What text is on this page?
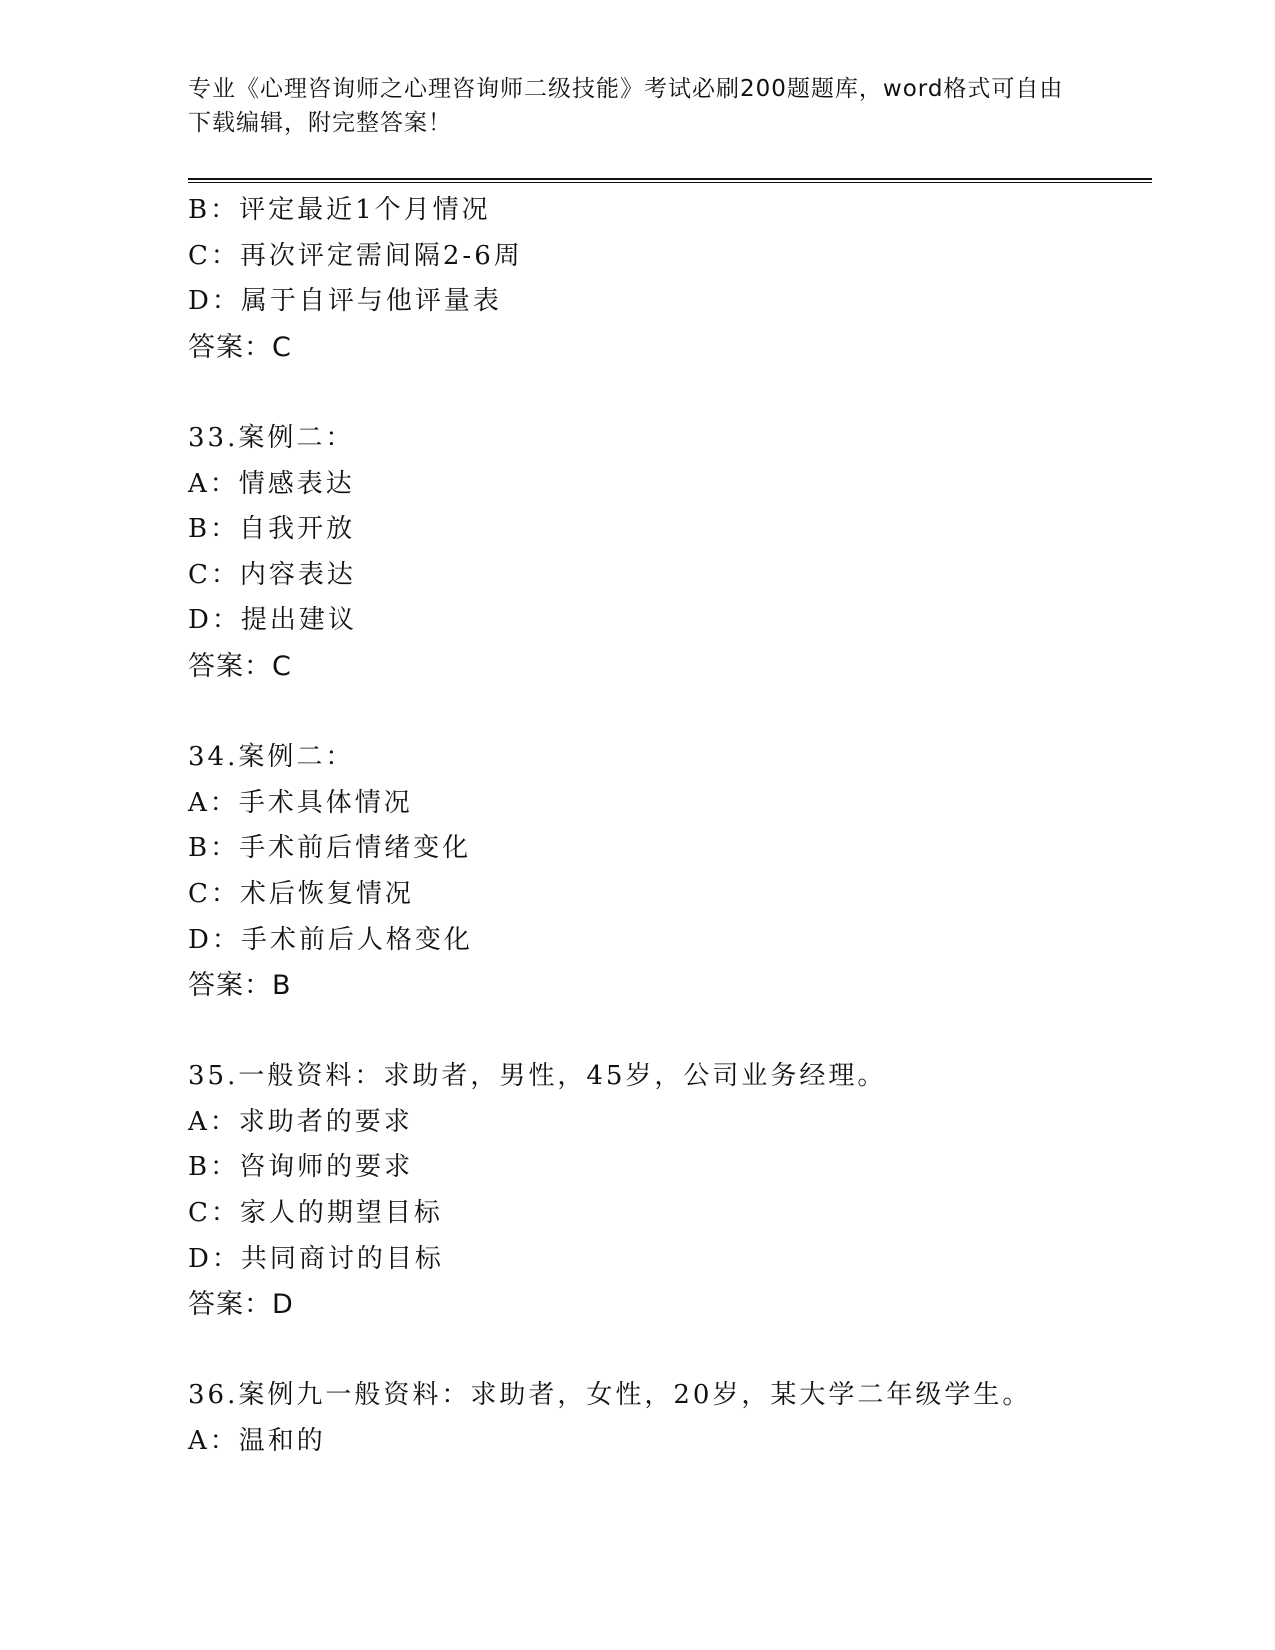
专业《心理咨询师之心理咨询师二级技能》考试必刷200题题库，word格式可自由下载编辑，附完整答案！
B：评定最近1个月情况
C：再次评定需间隔2-6周
D：属于自评与他评量表
答案：C
33.案例二：
A：情感表达
B：自我开放
C：内容表达
D：提出建议
答案：C
34.案例二：
A：手术具体情况
B：手术前后情绪变化
C：术后恢复情况
D：手术前后人格变化
答案：B
35.一般资料：求助者，男性，45岁，公司业务经理。
A：求助者的要求
B：咨询师的要求
C：家人的期望目标
D：共同商讨的目标
答案：D
36.案例九一般资料：求助者，女性，20岁，某大学二年级学生。
A：温和的
